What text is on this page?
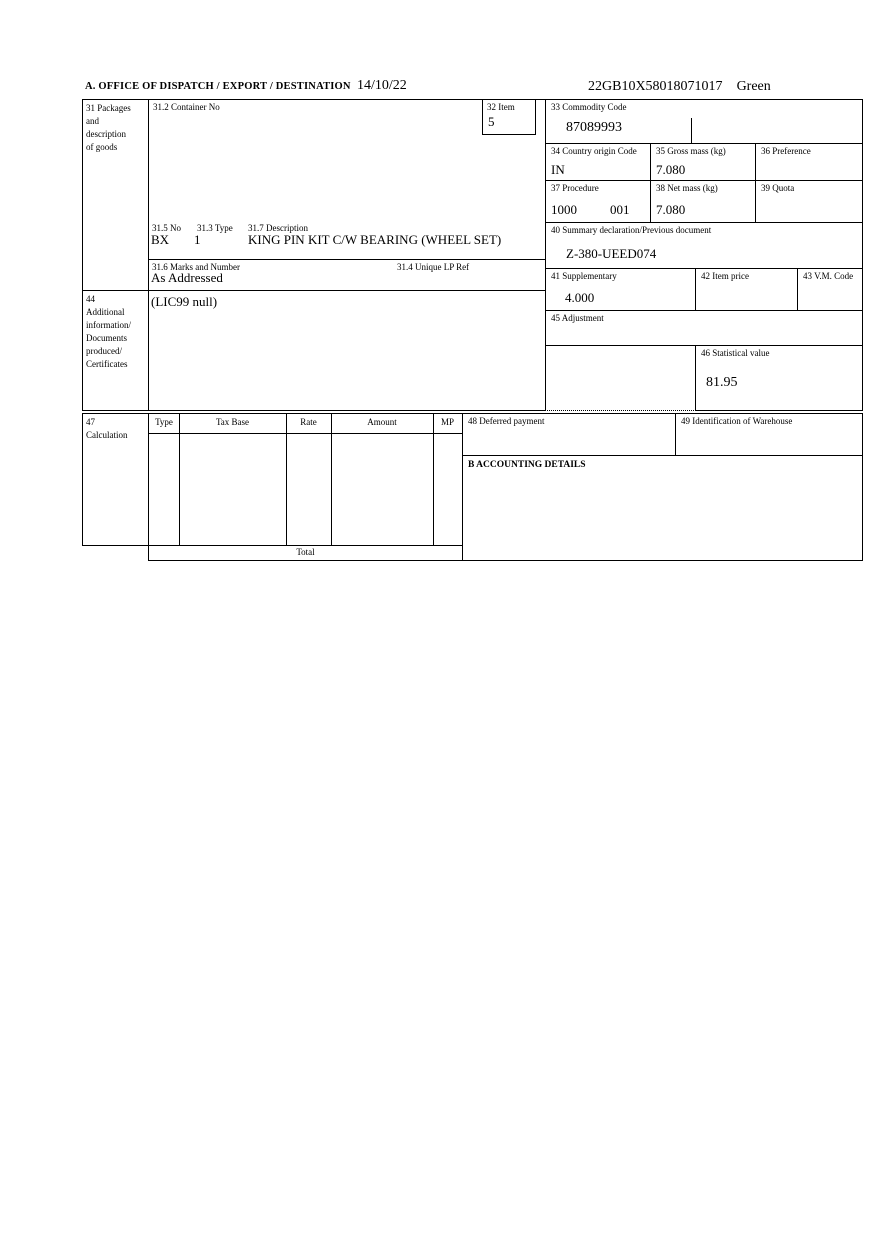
A. OFFICE OF DISPATCH / EXPORT / DESTINATION 14/10/22	22GB10X58018071017 Green
31 Packages
and
description
of goods
31.2 Container No
31.5 No 31.3 Type 31.7 Description
BX 1	KING PIN KIT C/W BEARING (WHEEL SET)
31.6 Marks and Number	31.4 Unique LP Ref
As Addressed
32 Item
5
33 Commodity Code
87089993
34 Country origin Code
IN
35 Gross mass (kg)
7.080
36 Preference
37 Procedure
1000	001
38 Net mass (kg)
7.080
39 Quota
40 Summary declaration/Previous document
Z-380-UEED074
41 Supplementary
4.000
42 Item price	43 V.M. Code
44
Additional
information/
Documents
produced/
Certificates
(LIC99 null)
45 Adjustment
46 Statistical value
81.95
47
Calculation
Type	Tax Base	Rate	Amount	MP
Total
48 Deferred payment	49 Identification of Warehouse
B ACCOUNTING DETAILS
